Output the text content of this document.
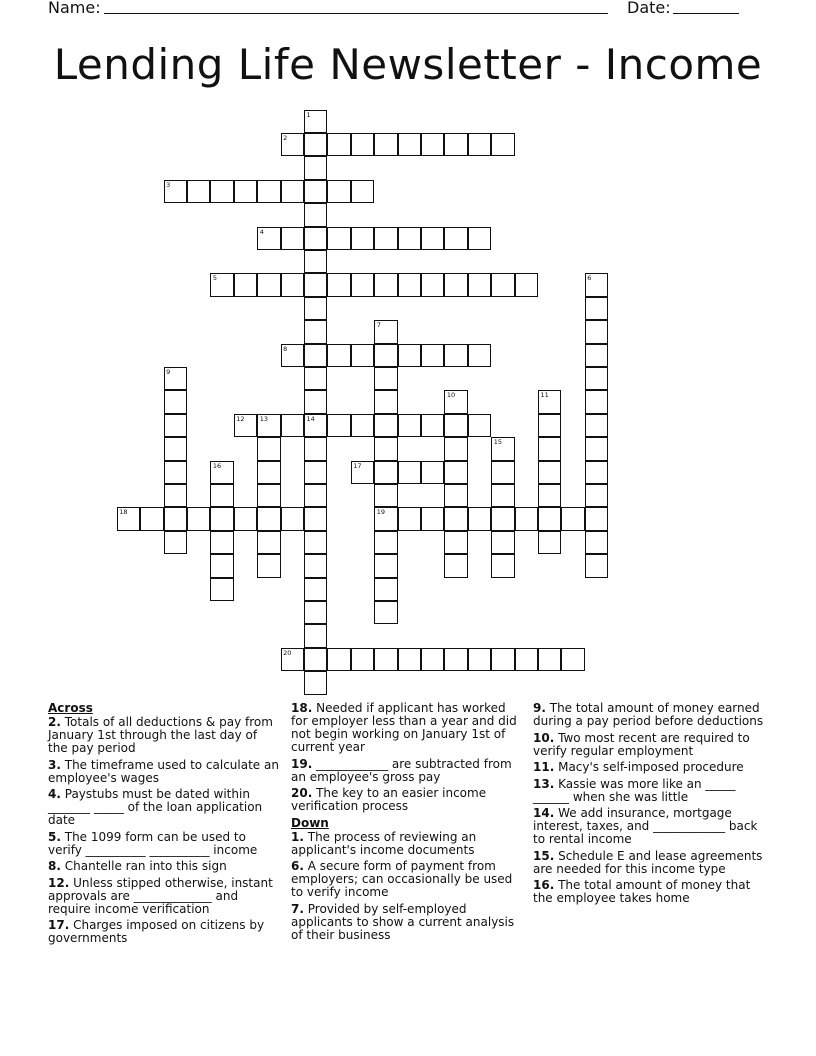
Name:	Date:
Lending Life Newsletter - Income
1
14
2
3
4
5	6
7
19
8
9
10	11
12 13
15
16	17
18
20
Across
2. Totals of all deductions & pay from January 1st through the last day of the pay period
3. The timeframe used to calculate an employee's wages
4. Paystubs must be dated within _______ _____ of the loan application date
5. The 1099 form can be used to verify __________ __________ income
8. Chantelle ran into this sign
12. Unless stipped otherwise, instant approvals are _____________ and require income verification
17. Charges imposed on citizens by governments
18. Needed if applicant has worked for employer less than a year and did not begin working on January 1st of current year
19. ____________ are subtracted from an employee's gross pay
20. The key to an easier income verification process
Down
1. The process of reviewing an applicant's income documents
6. A secure form of payment from employers; can occasionally be used to verify income
7. Provided by self-employed applicants to show a current analysis of their business
9. The total amount of money earned during a pay period before deductions
10. Two most recent are required to verify regular employment
11. Macy's self-imposed procedure
13. Kassie was more like an _____ ______ when she was little
14. We add insurance, mortgage interest, taxes, and ____________ back to rental income
15. Schedule E and lease agreements are needed for this income type
16. The total amount of money that the employee takes home
